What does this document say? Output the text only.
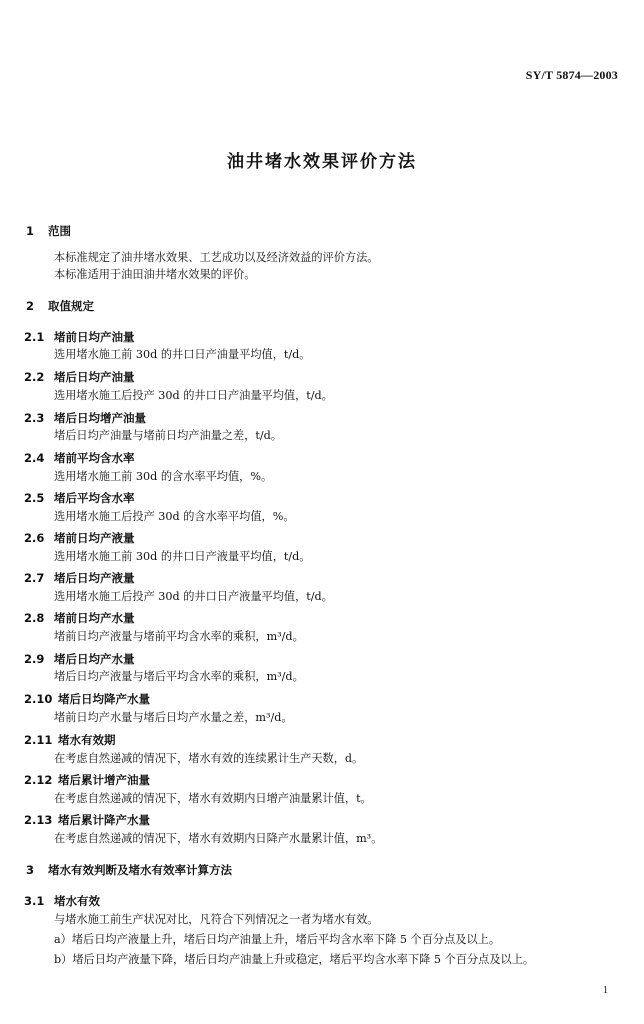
SY/T 5874—2003
油井堵水效果评价方法
1 范围
本标准规定了油井堵水效果、工艺成功以及经济效益的评价方法。
本标准适用于油田油井堵水效果的评价。
2 取值规定
2.1 堵前日均产油量
选用堵水施工前 30d 的井口日产油量平均值，t/d。
2.2 堵后日均产油量
选用堵水施工后投产 30d 的井口日产油量平均值，t/d。
2.3 堵后日均增产油量
堵后日均产油量与堵前日均产油量之差，t/d。
2.4 堵前平均含水率
选用堵水施工前 30d 的含水率平均值，%。
2.5 堵后平均含水率
选用堵水施工后投产 30d 的含水率平均值，%。
2.6 堵前日均产液量
选用堵水施工前 30d 的井口日产液量平均值，t/d。
2.7 堵后日均产液量
选用堵水施工后投产 30d 的井口日产液量平均值，t/d。
2.8 堵前日均产水量
堵前日均产液量与堵前平均含水率的乘积，m³/d。
2.9 堵后日均产水量
堵后日均产液量与堵后平均含水率的乘积，m³/d。
2.10 堵后日均降产水量
堵前日均产水量与堵后日均产水量之差，m³/d。
2.11 堵水有效期
在考虑自然递减的情况下，堵水有效的连续累计生产天数，d。
2.12 堵后累计增产油量
在考虑自然递减的情况下，堵水有效期内日增产油量累计值，t。
2.13 堵后累计降产水量
在考虑自然递减的情况下，堵水有效期内日降产水量累计值，m³。
3 堵水有效判断及堵水有效率计算方法
3.1 堵水有效
与堵水施工前生产状况对比，凡符合下列情况之一者为堵水有效。
a）堵后日均产液量上升，堵后日均产油量上升，堵后平均含水率下降 5 个百分点及以上。
b）堵后日均产液量下降，堵后日均产油量上升或稳定，堵后平均含水率下降 5 个百分点及以上。
1
